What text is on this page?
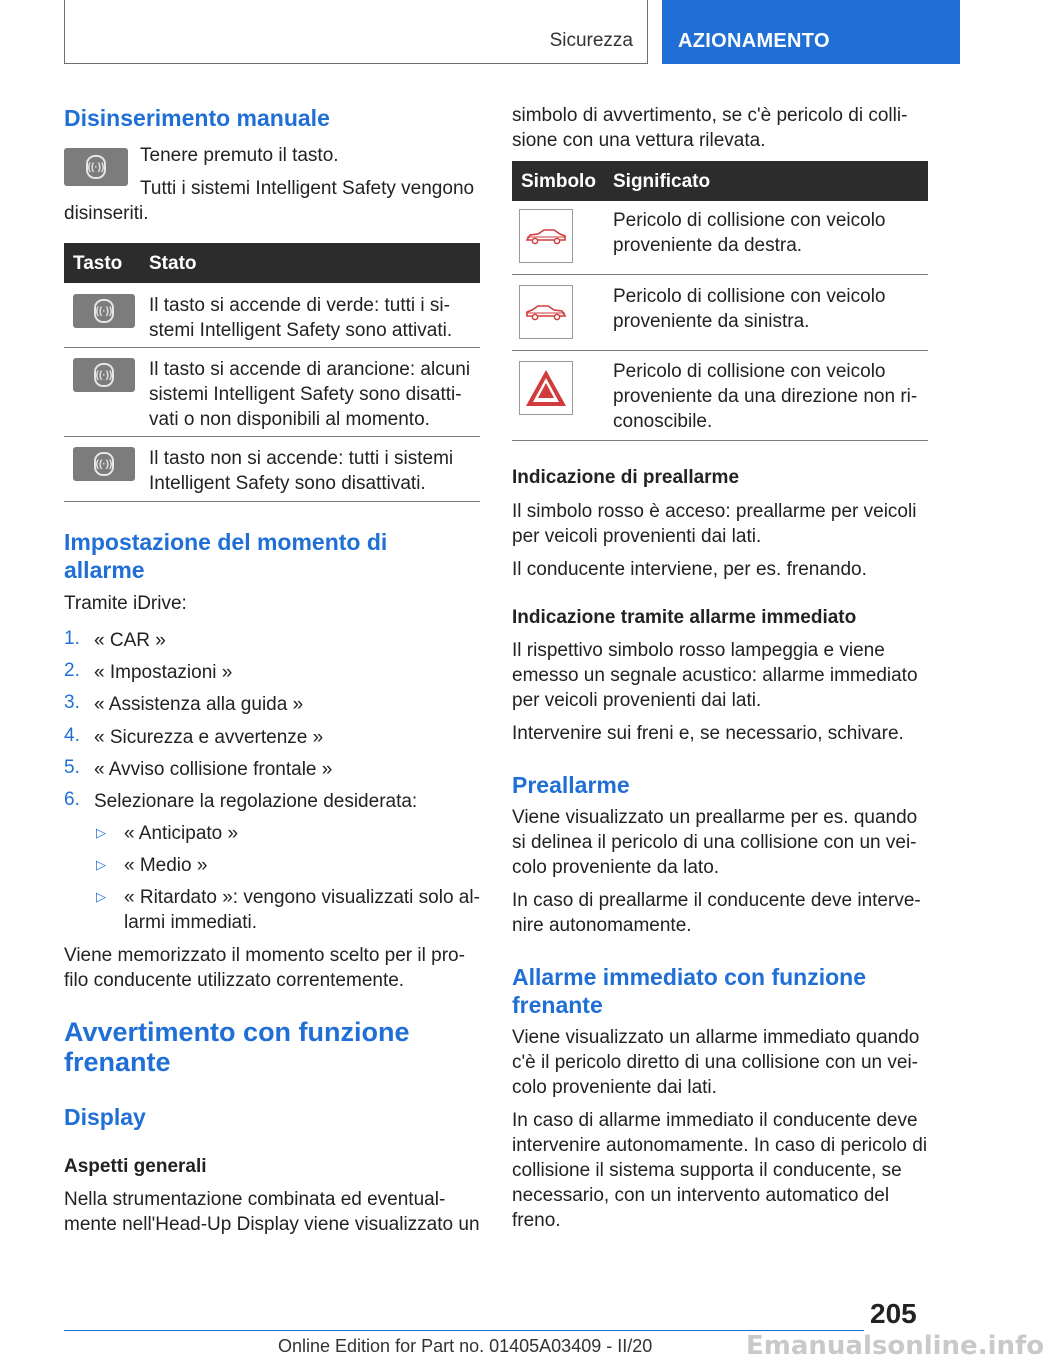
Sicurezza AZIONAMENTO
Disinserimento manuale
((·))

Tenere premuto il tasto.

Tutti i sistemi Intelligent Safety vengono

disinseriti.

Tasto Stato
((·)) Il tasto si accende di verde: tutti i si-

stemi Intelligent Safety sono attivati.

((·)) Il tasto si accende di arancione: alcuni

sistemi Intelligent Safety sono disatti-

vati o non disponibili al momento.

((·)) Il tasto non si accende: tutti i sistemi

Intelligent Safety sono disattivati.

Impostazione del momento di
allarme

Tramite iDrive:

1. « CAR »

2. « Impostazioni »

3. « Assistenza alla guida »

4. « Sicurezza e avvertenze »

5. « Avviso collisione frontale »

6. Selezionare la regolazione desiderata:

▷ « Anticipato »

▷ « Medio »

▷ « Ritardato »: vengono visualizzati solo al-

larmi immediati.

Viene memorizzato il momento scelto per il pro-

filo conducente utilizzato correntemente.

Avvertimento con funzione
frenante
Display
Aspetti generali

Nella strumentazione combinata ed eventual-

mente nell'Head-Up Display viene visualizzato un

simbolo di avvertimento, se c'è pericolo di colli-

sione con una vettura rilevata.

Simbolo Significato

Pericolo di collisione con veicolo

proveniente da destra.

Pericolo di collisione con veicolo

proveniente da sinistra.

Pericolo di collisione con veicolo

proveniente da una direzione non ri-

conoscibile.

Indicazione di preallarme

Il simbolo rosso è acceso: preallarme per veicoli

per veicoli provenienti dai lati.

Il conducente interviene, per es. frenando.

Indicazione tramite allarme immediato

Il rispettivo simbolo rosso lampeggia e viene

emesso un segnale acustico: allarme immediato

per veicoli provenienti dai lati.

Intervenire sui freni e, se necessario, schivare.

Preallarme

Viene visualizzato un preallarme per es. quando

si delinea il pericolo di una collisione con un vei-

colo proveniente da lato.

In caso di preallarme il conducente deve interve-

nire autonomamente.

Allarme immediato con funzione
frenante

Viene visualizzato un allarme immediato quando

c'è il pericolo diretto di una collisione con un vei-

colo proveniente dai lati.

In caso di allarme immediato il conducente deve

intervenire autonomamente. In caso di pericolo di

collisione il sistema supporta il conducente, se

necessario, con un intervento automatico del

freno.

205
Online Edition for Part no. 01405A03409 - II/20	Emanualsonline.info
